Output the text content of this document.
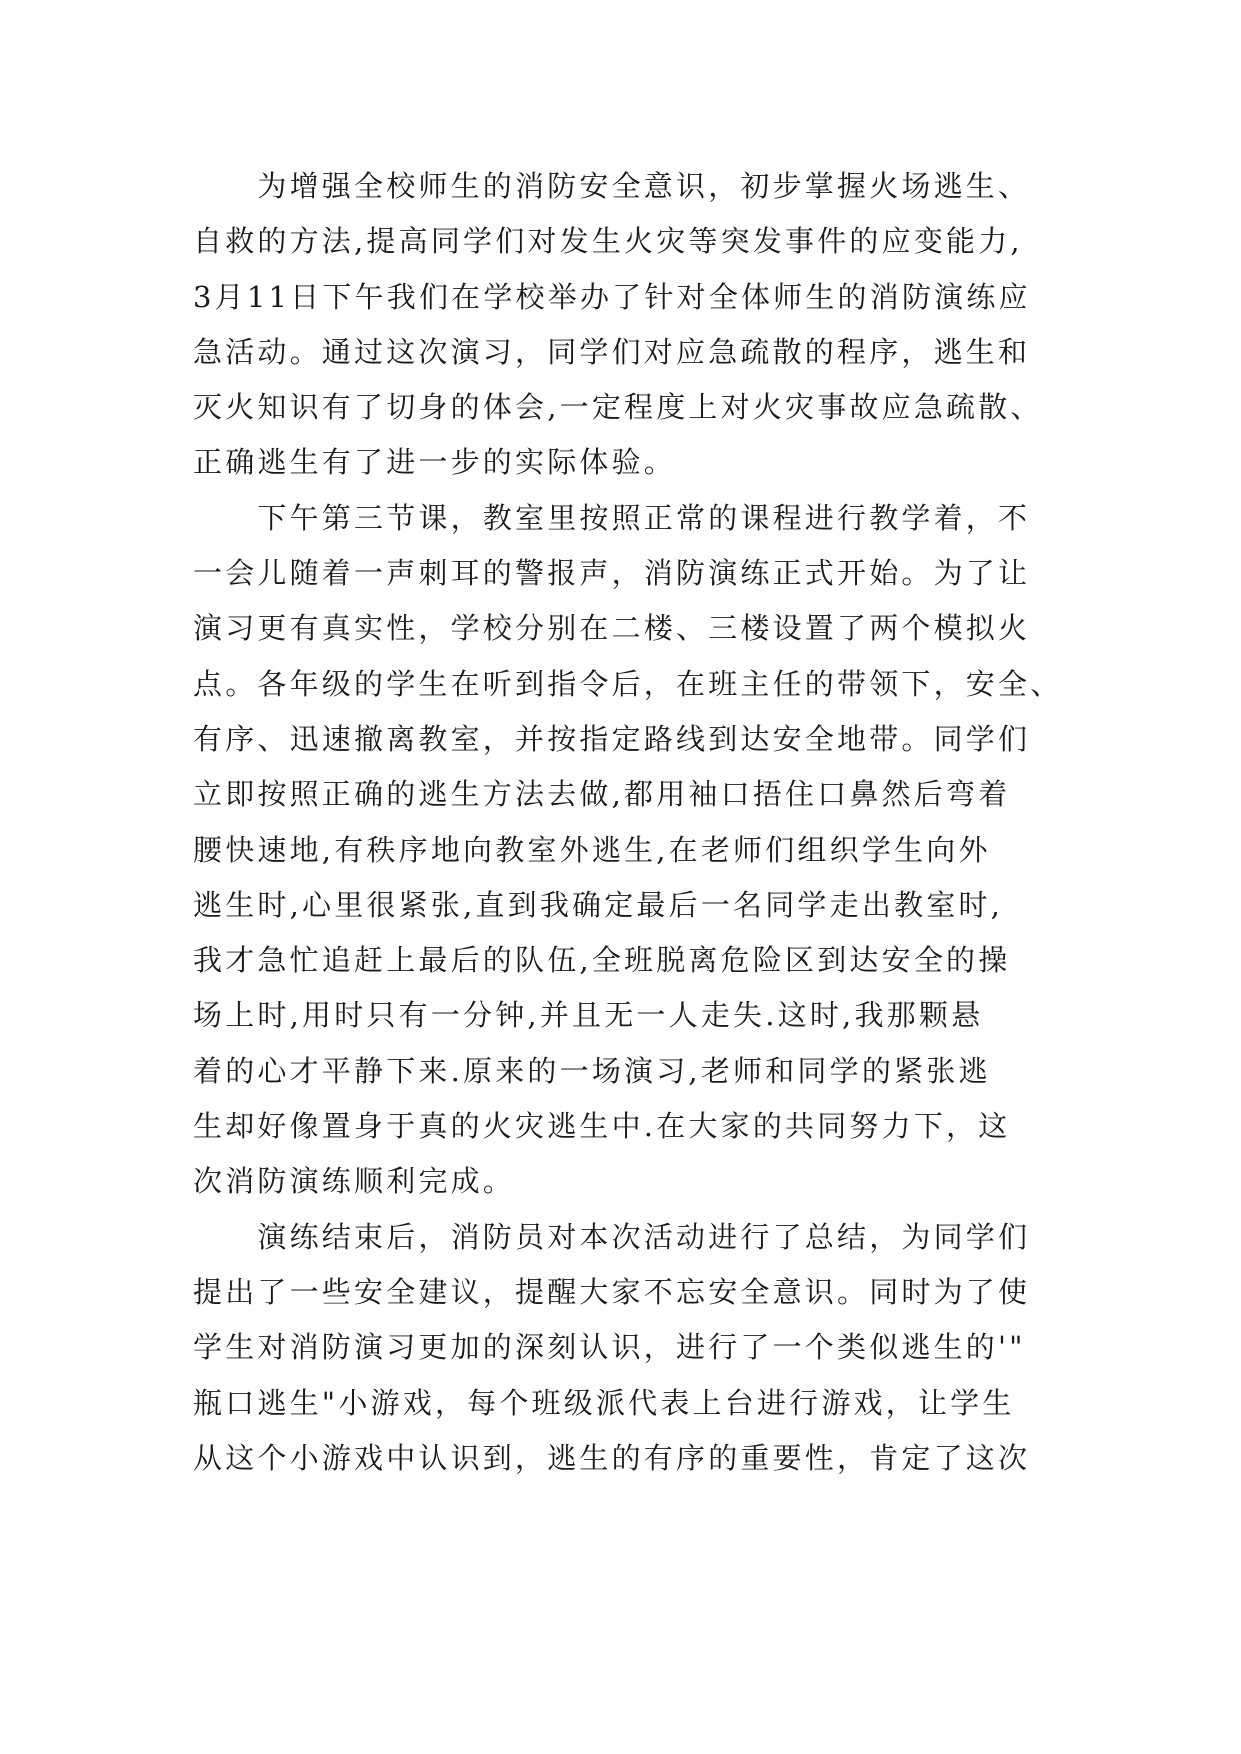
　　为增强全校师生的消防安全意识，初步掌握火场逃生、
自救的方法,提高同学们对发生火灾等突发事件的应变能力,
3月11日下午我们在学校举办了针对全体师生的消防演练应
急活动。通过这次演习，同学们对应急疏散的程序，逃生和
灭火知识有了切身的体会,一定程度上对火灾事故应急疏散、
正确逃生有了进一步的实际体验。
　　下午第三节课，教室里按照正常的课程进行教学着，不
一会儿随着一声刺耳的警报声，消防演练正式开始。为了让
演习更有真实性，学校分别在二楼、三楼设置了两个模拟火
点。各年级的学生在听到指令后，在班主任的带领下，安全、
有序、迅速撤离教室，并按指定路线到达安全地带。同学们
立即按照正确的逃生方法去做,都用袖口捂住口鼻然后弯着
腰快速地,有秩序地向教室外逃生,在老师们组织学生向外
逃生时,心里很紧张,直到我确定最后一名同学走出教室时,
我才急忙追赶上最后的队伍,全班脱离危险区到达安全的操
场上时,用时只有一分钟,并且无一人走失.这时,我那颗悬
着的心才平静下来.原来的一场演习,老师和同学的紧张逃
生却好像置身于真的火灾逃生中.在大家的共同努力下，这
次消防演练顺利完成。
　　演练结束后，消防员对本次活动进行了总结，为同学们
提出了一些安全建议，提醒大家不忘安全意识。同时为了使
学生对消防演习更加的深刻认识，进行了一个类似逃生的'"
瓶口逃生"小游戏，每个班级派代表上台进行游戏，让学生
从这个小游戏中认识到，逃生的有序的重要性，肯定了这次
